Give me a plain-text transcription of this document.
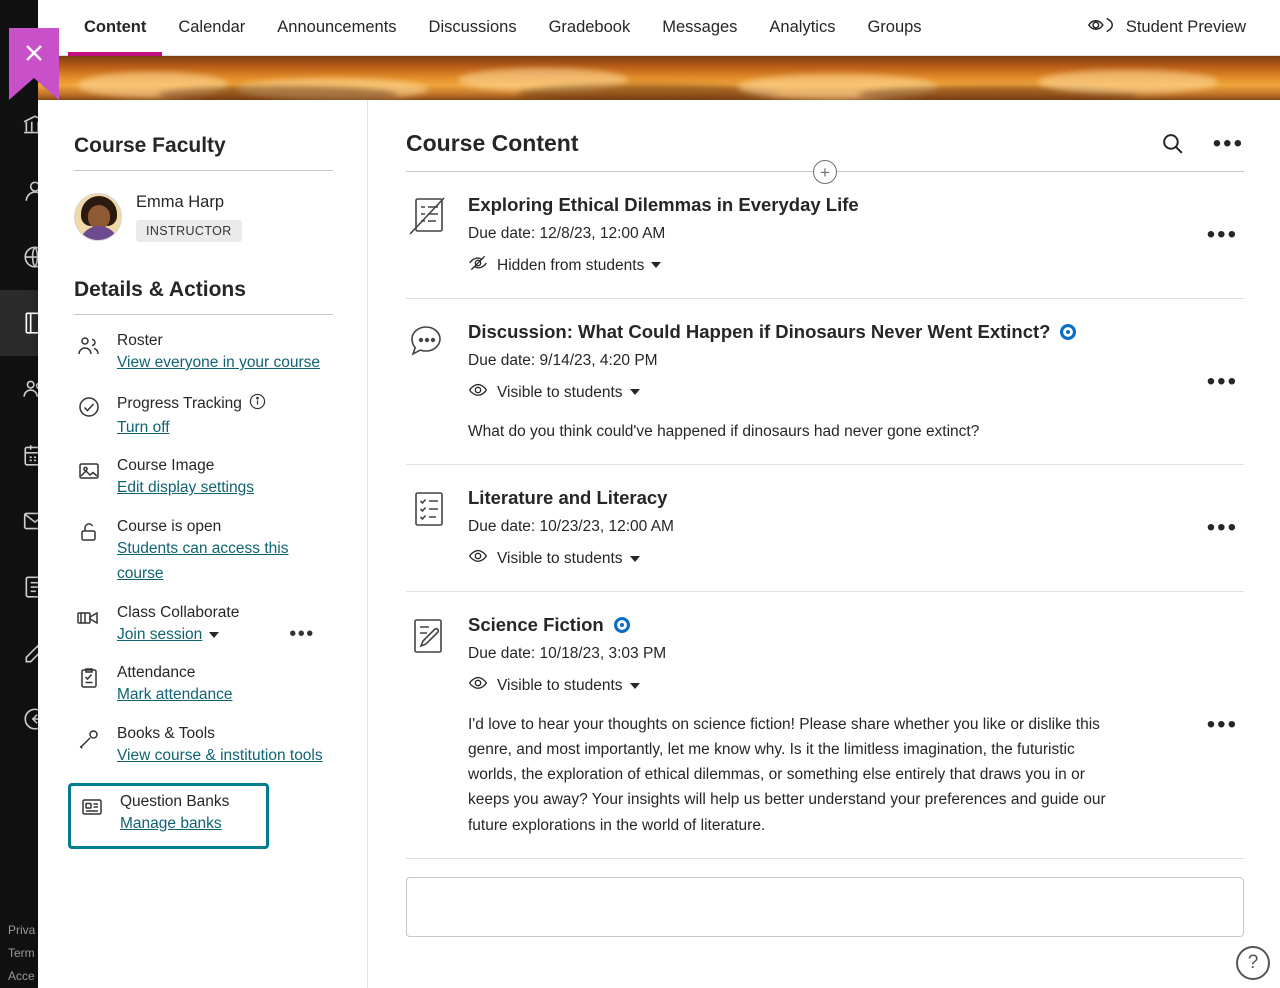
Priva
Term
Acce
Content	Calendar	Announcements	Discussions	Gradebook	Messages	Analytics	Groups	Student Preview
Course Faculty
Emma Harp
INSTRUCTOR
Details & Actions
Roster
View everyone in your course
Progress Tracking
Turn off
Course Image
Edit display settings
Course is open
Students can access this course
Class Collaborate
Join session	•••
Attendance
Mark attendance
Books & Tools
View course & institution tools
Question Banks
Manage banks
Course Content	•••
+
Exploring Ethical Dilemmas in Everyday Life
Due date: 12/8/23, 12:00 AM
Hidden from students
•••
Discussion: What Could Happen if Dinosaurs Never Went Extinct?
Due date: 9/14/23, 4:20 PM
Visible to students
What do you think could've happened if dinosaurs had never gone extinct?
•••
Literature and Literacy
Due date: 10/23/23, 12:00 AM
Visible to students
•••
Science Fiction
Due date: 10/18/23, 3:03 PM
Visible to students
I'd love to hear your thoughts on science fiction! Please share whether you like or dislike this genre, and most importantly, let me know why. Is it the limitless imagination, the futuristic worlds, the exploration of ethical dilemmas, or something else entirely that draws you in or keeps you away? Your insights will help us better understand your preferences and guide our future explorations in the world of literature.
•••
?
